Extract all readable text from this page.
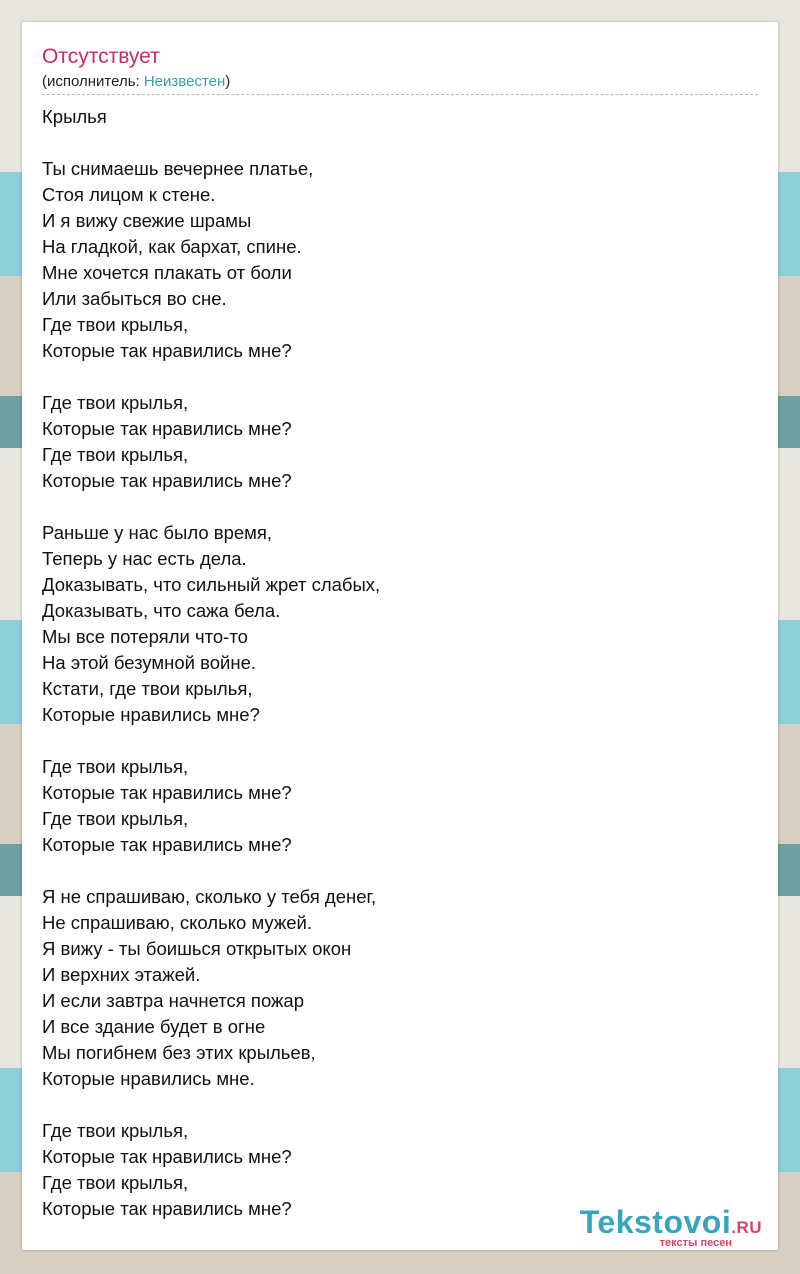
Отсутствует
(исполнитель: Неизвестен)
Крылья

Ты снимаешь вечернее платье,
Стоя лицом к стене.
И я вижу свежие шрамы
На гладкой, как бархат, спине.
Мне хочется плакать от боли
Или забыться во сне.
Где твои крылья,
Которые так нравились мне?

Где твои крылья,
Которые так нравились мне?
Где твои крылья,
Которые так нравились мне?

Раньше у нас было время,
Теперь у нас есть дела.
Доказывать, что сильный жрет слабых,
Доказывать, что сажа бела.
Мы все потеряли что-то
На этой безумной войне.
Кстати, где твои крылья,
Которые нравились мне?

Где твои крылья,
Которые так нравились мне?
Где твои крылья,
Которые так нравились мне?

Я не спрашиваю, сколько у тебя денег,
Не спрашиваю, сколько мужей.
Я вижу - ты боишься открытых окон
И верхних этажей.
И если завтра начнется пожар
И все здание будет в огне
Мы погибнем без этих крыльев,
Которые нравились мне.

Где твои крылья,
Которые так нравились мне?
Где твои крылья,
Которые так нравились мне?	Tekstovoi.RU
тексты песен
